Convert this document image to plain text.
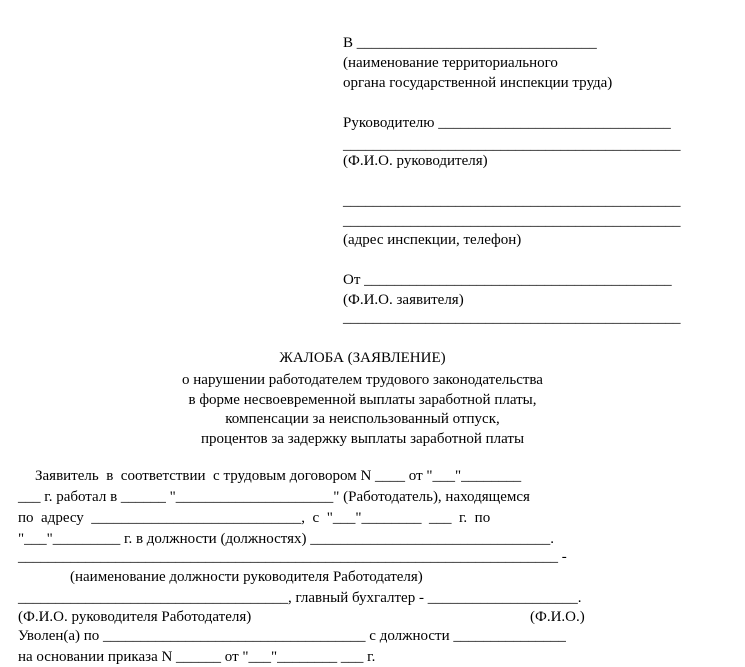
В ________________________________
(наименование территориального
органа государственной инспекции труда)
Руководителю _______________________________
_____________________________________________
(Ф.И.О. руководителя)
_____________________________________________
_____________________________________________
(адрес инспекции, телефон)
От _________________________________________
(Ф.И.О. заявителя)
_____________________________________________
ЖАЛОБА (ЗАЯВЛЕНИЕ)
о нарушении работодателем трудового законодательства
в форме несвоевременной выплаты заработной платы,
компенсации за неиспользованный отпуск,
процентов за задержку выплаты заработной платы
Заявитель  в  соответствии  с трудовым договором N ____ от "___"________
___ г. работал в ______ "_____________________" (Работодатель), находящемся
по  адресу  ____________________________,  с  "___"________  ___  г.  по
"___"_________ г. в должности (должностях) ________________________________.
________________________________________________________________________ -
(наименование должности руководителя Работодателя)
____________________________________, главный бухгалтер - ____________________.
(Ф.И.О. руководителя Работодателя)	(Ф.И.О.)
Уволен(а) по ___________________________________ с должности _______________
на основании приказа N ______ от "___"________ ___ г.
